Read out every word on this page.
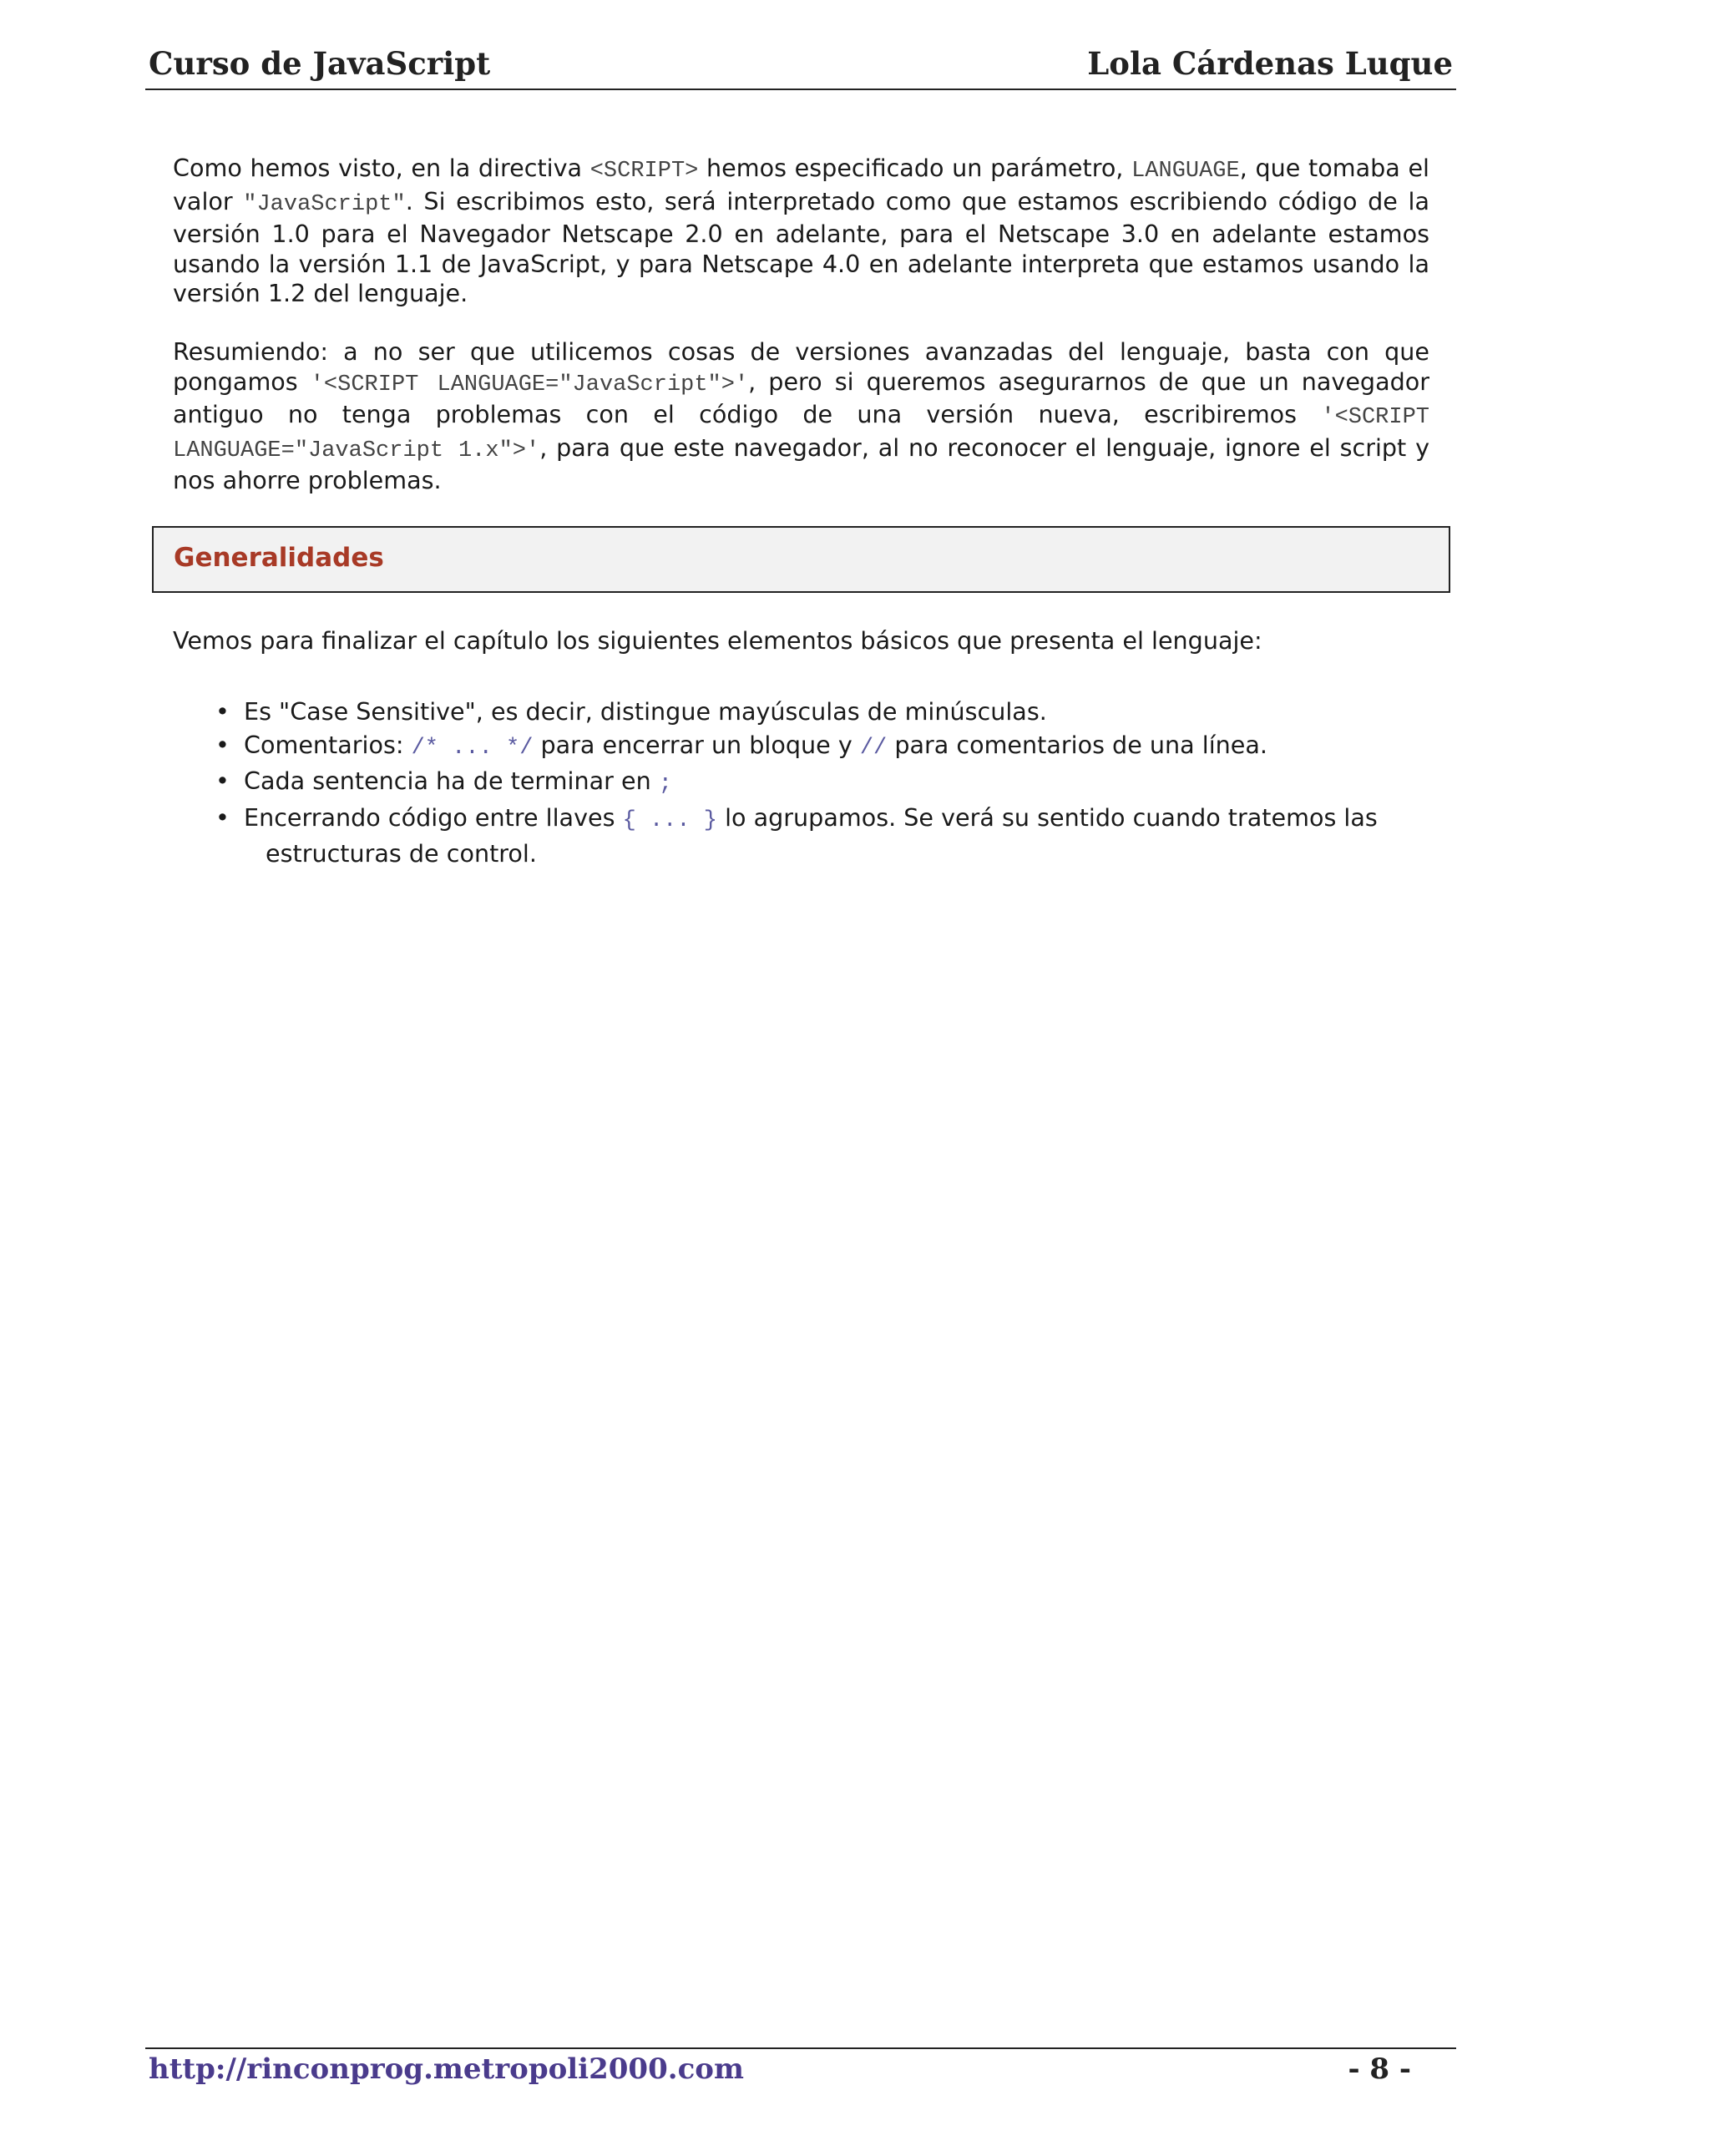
Curso de JavaScript	Lola Cárdenas Luque

Como hemos visto, en la directiva <SCRIPT> hemos especificado un parámetro, LANGUAGE, que tomaba el valor "JavaScript". Si escribimos esto, será interpretado como que estamos escribiendo código de la versión 1.0 para el Navegador Netscape 2.0 en adelante, para el Netscape 3.0 en adelante estamos usando la versión 1.1 de JavaScript, y para Netscape 4.0 en adelante interpreta que estamos usando la versión 1.2 del lenguaje.

Resumiendo: a no ser que utilicemos cosas de versiones avanzadas del lenguaje, basta con que pongamos '<SCRIPT LANGUAGE="JavaScript">', pero si queremos asegurarnos de que un navegador antiguo no tenga problemas con el código de una versión nueva, escribiremos '<SCRIPT LANGUAGE="JavaScript 1.x">', para que este navegador, al no reconocer el lenguaje, ignore el script y nos ahorre problemas.

Generalidades

Vemos para finalizar el capítulo los siguientes elementos básicos que presenta el lenguaje:

• Es "Case Sensitive", es decir, distingue mayúsculas de minúsculas.
• Comentarios: /* ... */ para encerrar un bloque y // para comentarios de una línea.
• Cada sentencia ha de terminar en ;
• Encerrando código entre llaves { ... } lo agrupamos. Se verá su sentido cuando tratemos las
estructuras de control.
http://rinconprog.metropoli2000.com	- 8 -
